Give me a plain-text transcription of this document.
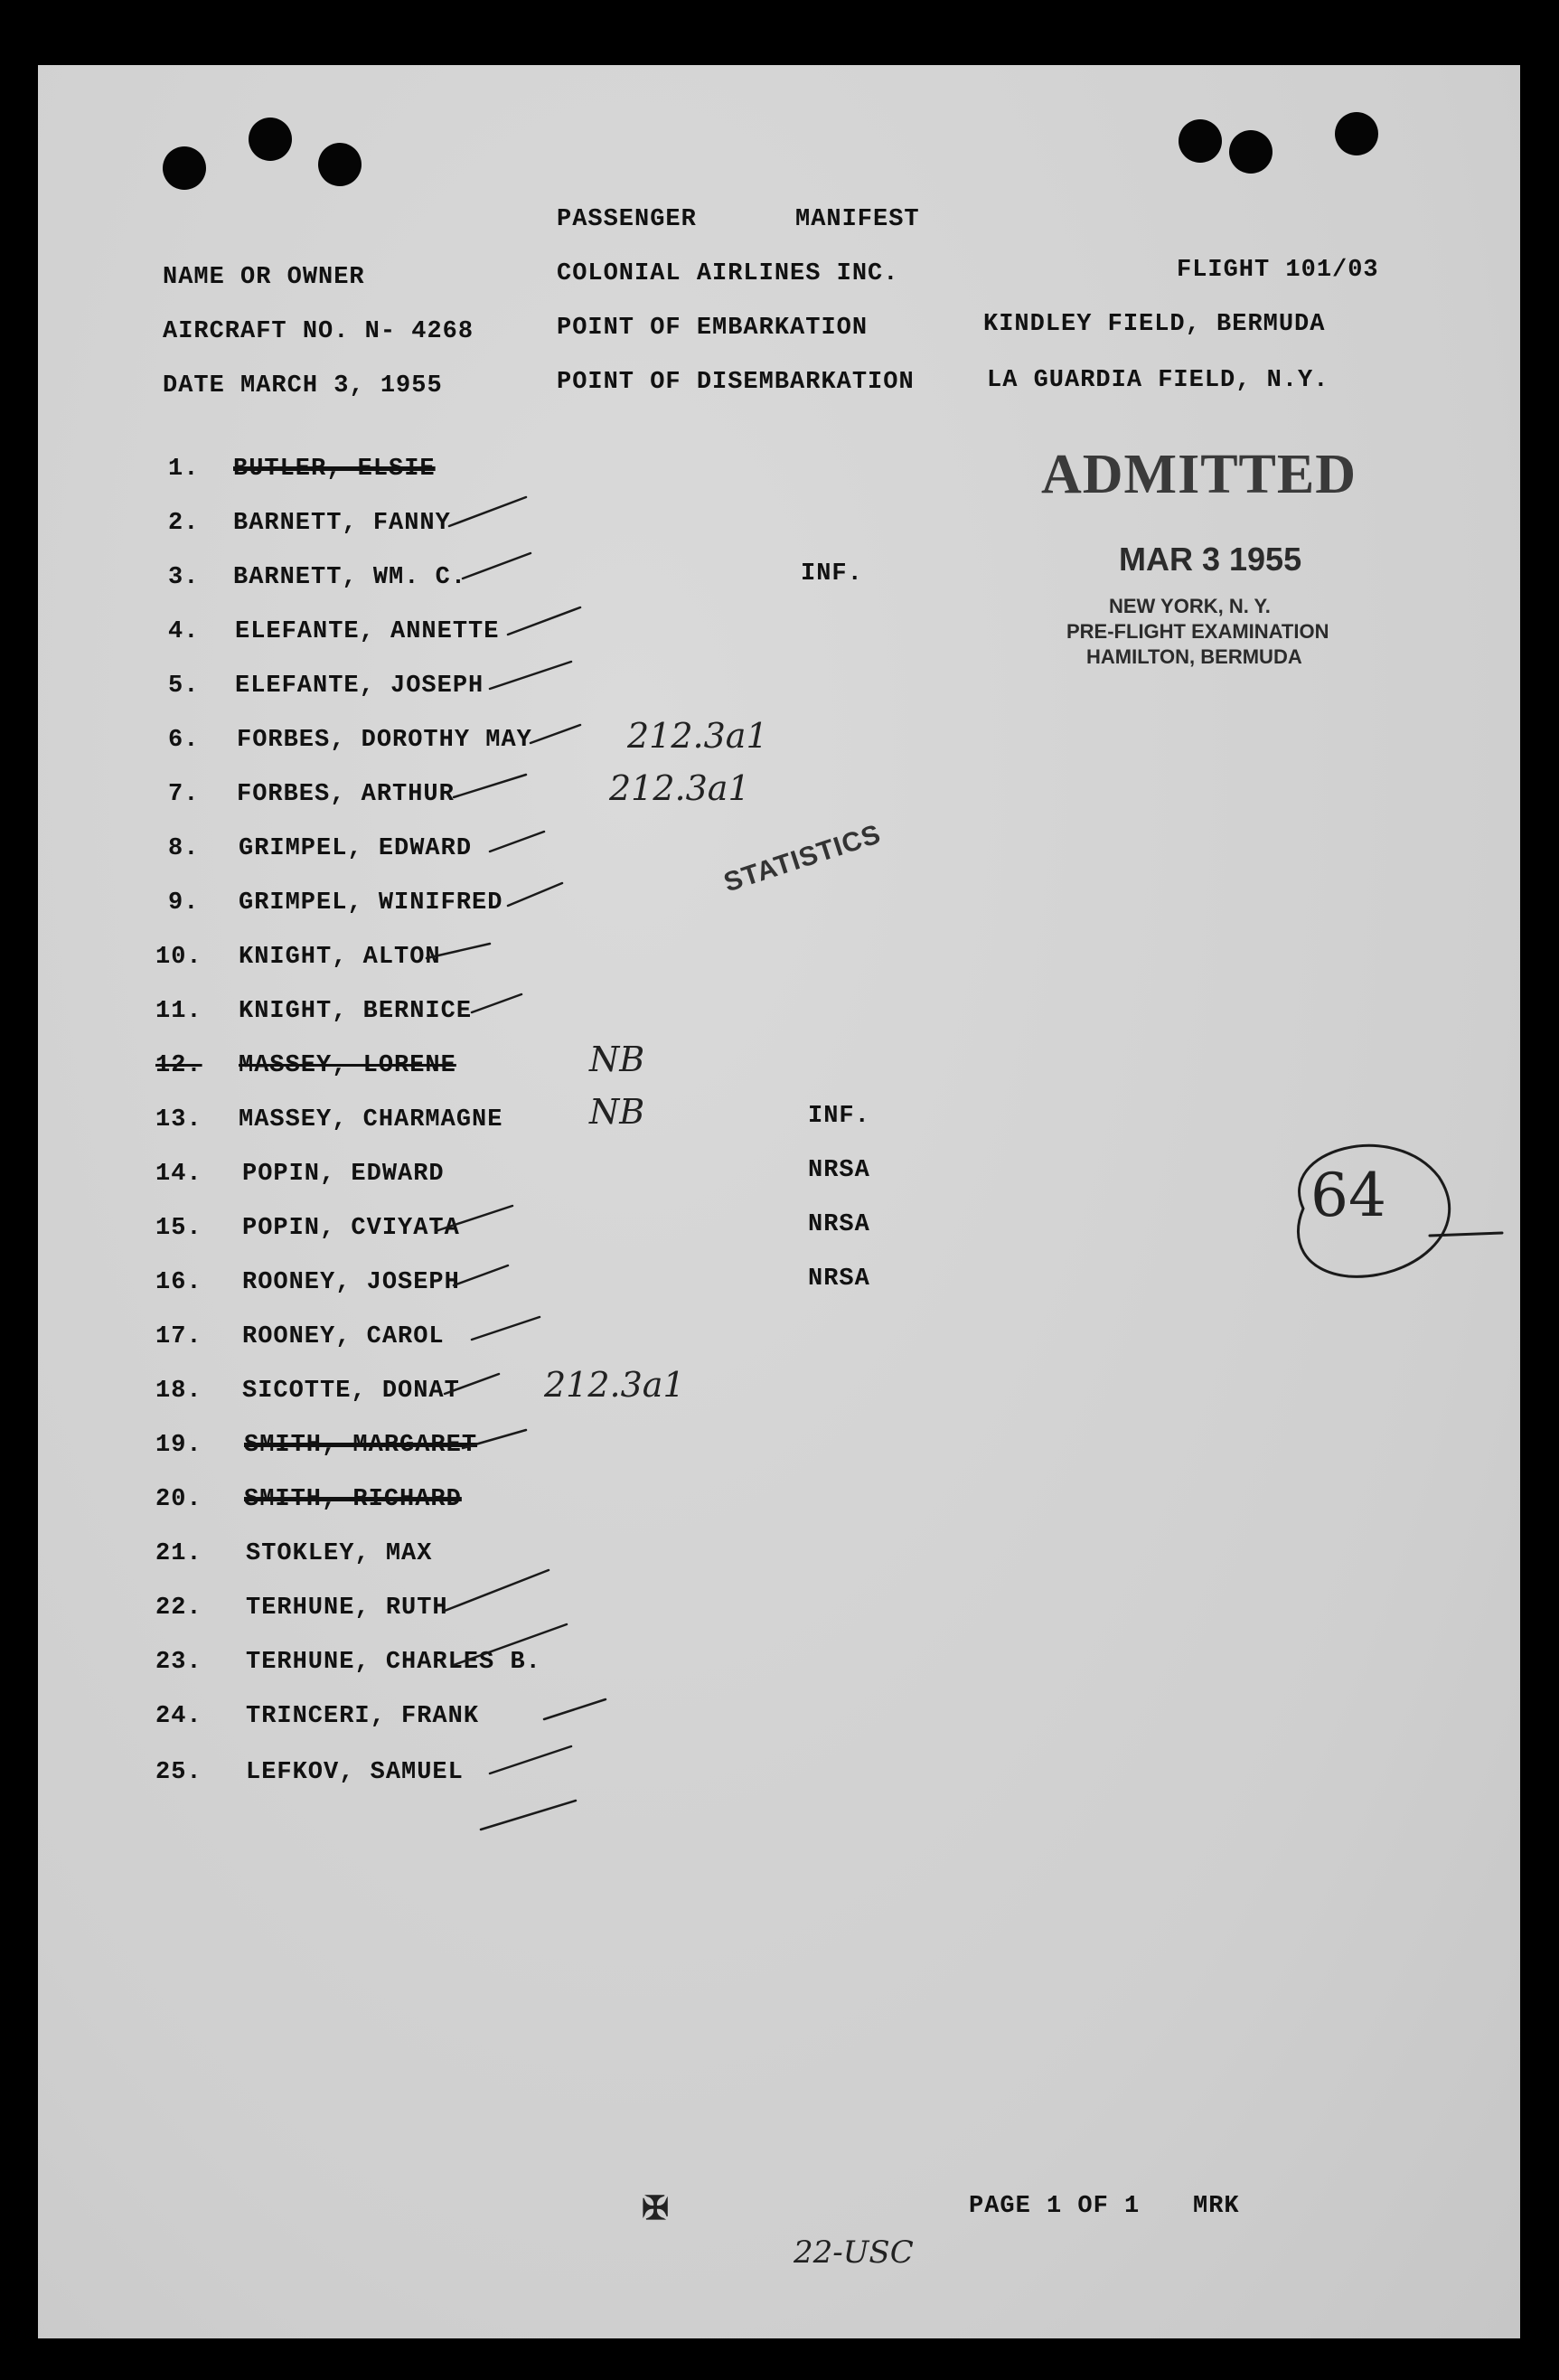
PASSENGER	MANIFEST
NAME OR OWNER	COLONIAL AIRLINES INC.	FLIGHT 101/03
AIRCRAFT NO. N- 4268	POINT OF EMBARKATION	KINDLEY FIELD, BERMUDA
DATE MARCH 3, 1955	POINT OF DISEMBARKATION	LA GUARDIA FIELD, N.Y.
1. BUTLER, ELSIE
2. BARNETT, FANNY
3. BARNETT, WM. C.	INF.
4. ELEFANTE, ANNETTE
5. ELEFANTE, JOSEPH
6. FORBES, DOROTHY MAY
7. FORBES, ARTHUR
8. GRIMPEL, EDWARD
9. GRIMPEL, WINIFRED
10. KNIGHT, ALTON
11. KNIGHT, BERNICE
12. MASSEY, LORENE
13. MASSEY, CHARMAGNE	INF.
14. POPIN, EDWARD	NRSA
15. POPIN, CVIYATA	NRSA
16. ROONEY, JOSEPH	NRSA
17. ROONEY, CAROL
18. SICOTTE, DONAT
19. SMITH, MARGARET
20. SMITH, RICHARD
21. STOKLEY, MAX
22. TERHUNE, RUTH
23. TERHUNE, CHARLES B.
24. TRINCERI, FRANK
25. LEFKOV, SAMUEL
212.3a1
212.3a1
NB
NB
212.3a1
64
22-USC
ADMITTED
MAR 3 1955
NEW YORK, N. Y.
PRE-FLIGHT EXAMINATION
HAMILTON, BERMUDA
STATISTICS
✠	PAGE 1 OF 1 MRK
